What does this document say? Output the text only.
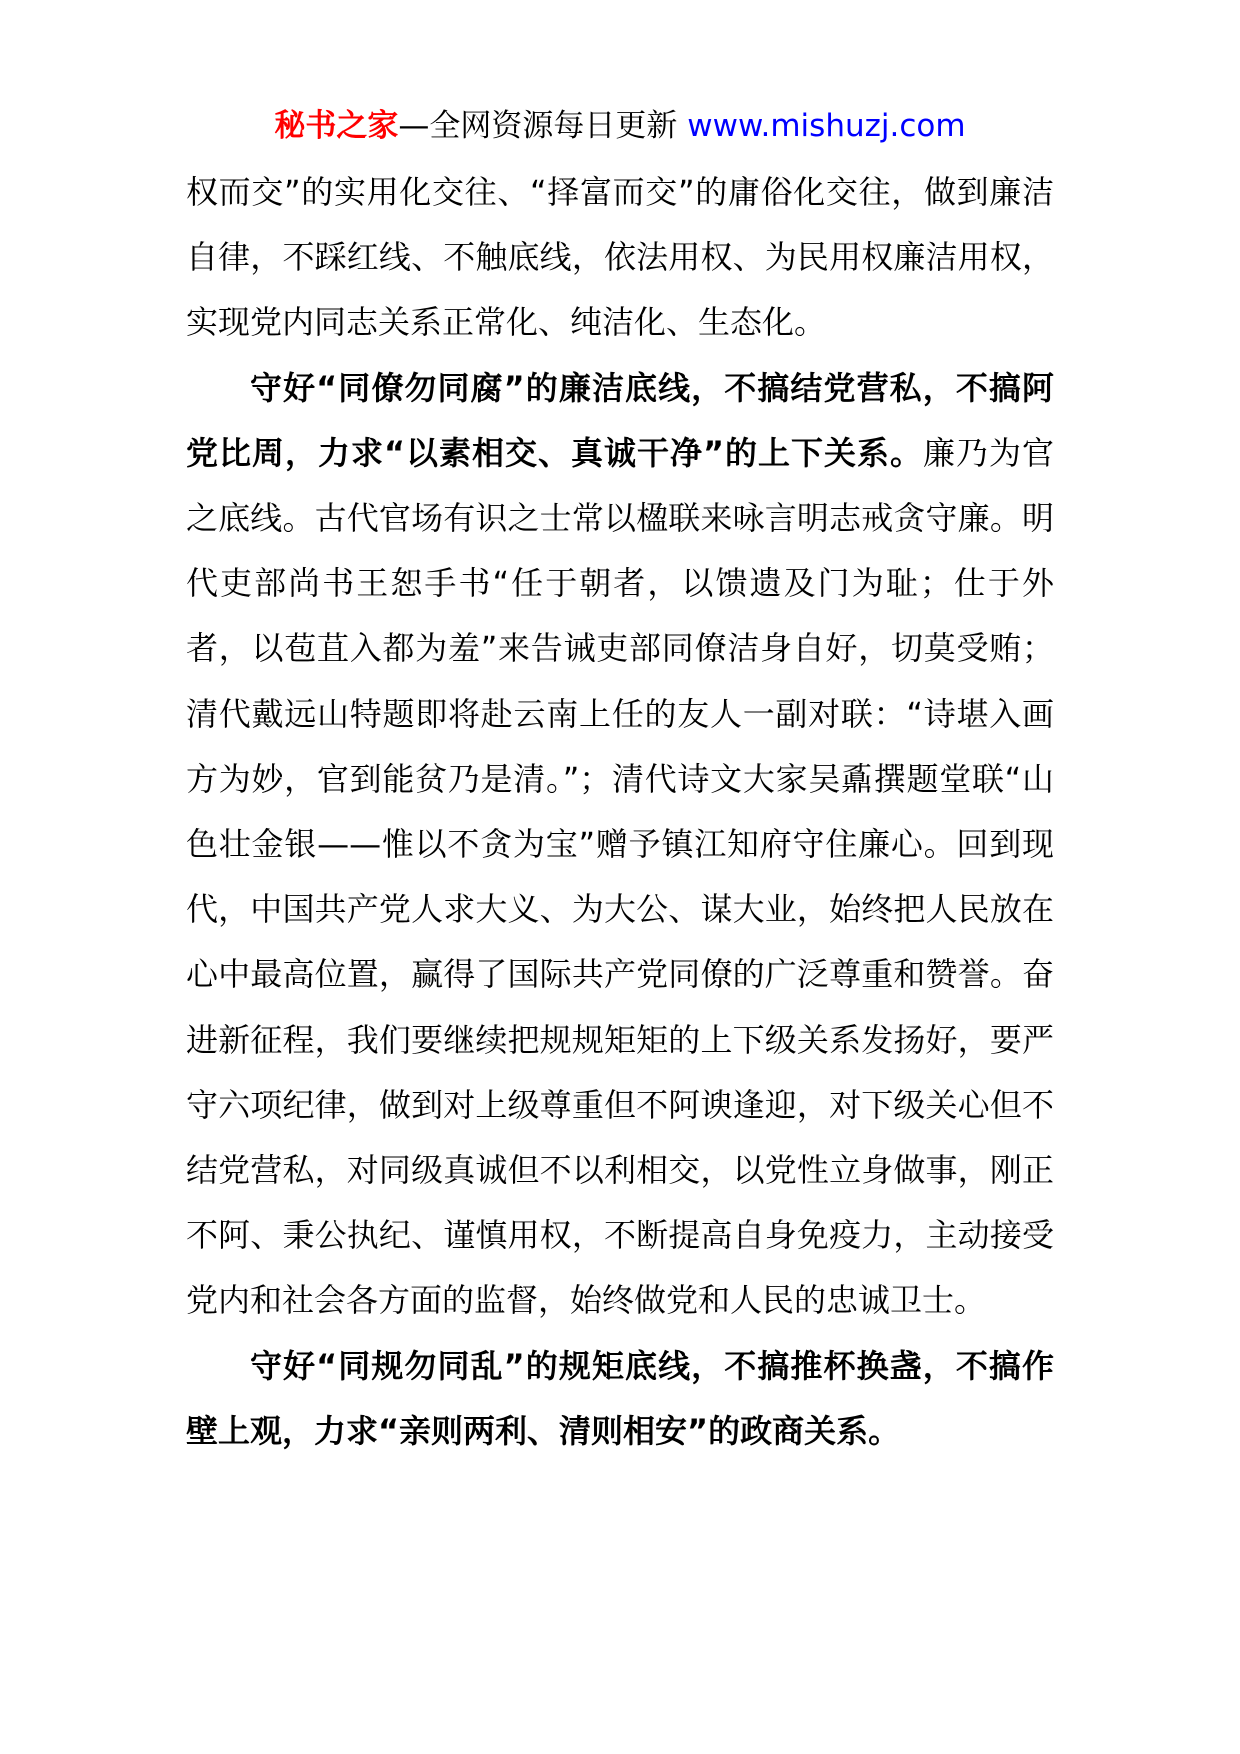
秘书之家—全网资源每日更新 www.mishuzj.com

权而交”的实用化交往、“择富而交”的庸俗化交往，做到廉洁自律，不踩红线、不触底线，依法用权、为民用权廉洁用权，实现党内同志关系正常化、纯洁化、生态化。

守好“同僚勿同腐”的廉洁底线，不搞结党营私，不搞阿党比周，力求“以素相交、真诚干净”的上下关系。廉乃为官之底线。古代官场有识之士常以楹联来咏言明志戒贪守廉。明代吏部尚书王恕手书“任于朝者，以馈遗及门为耻；仕于外者，以苞苴入都为羞”来告诫吏部同僚洁身自好，切莫受贿；清代戴远山特题即将赴云南上任的友人一副对联：“诗堪入画方为妙，官到能贫乃是清。”；清代诗文大家吴鼒撰题堂联“山色壮金银——惟以不贪为宝”赠予镇江知府守住廉心。回到现代，中国共产党人求大义、为大公、谋大业，始终把人民放在心中最高位置，赢得了国际共产党同僚的广泛尊重和赞誉。奋进新征程，我们要继续把规规矩矩的上下级关系发扬好，要严守六项纪律，做到对上级尊重但不阿谀逢迎，对下级关心但不结党营私，对同级真诚但不以利相交，以党性立身做事，刚正不阿、秉公执纪、谨慎用权，不断提高自身免疫力，主动接受党内和社会各方面的监督，始终做党和人民的忠诚卫士。

守好“同规勿同乱”的规矩底线，不搞推杯换盏，不搞作壁上观，力求“亲则两利、清则相安”的政商关系。
